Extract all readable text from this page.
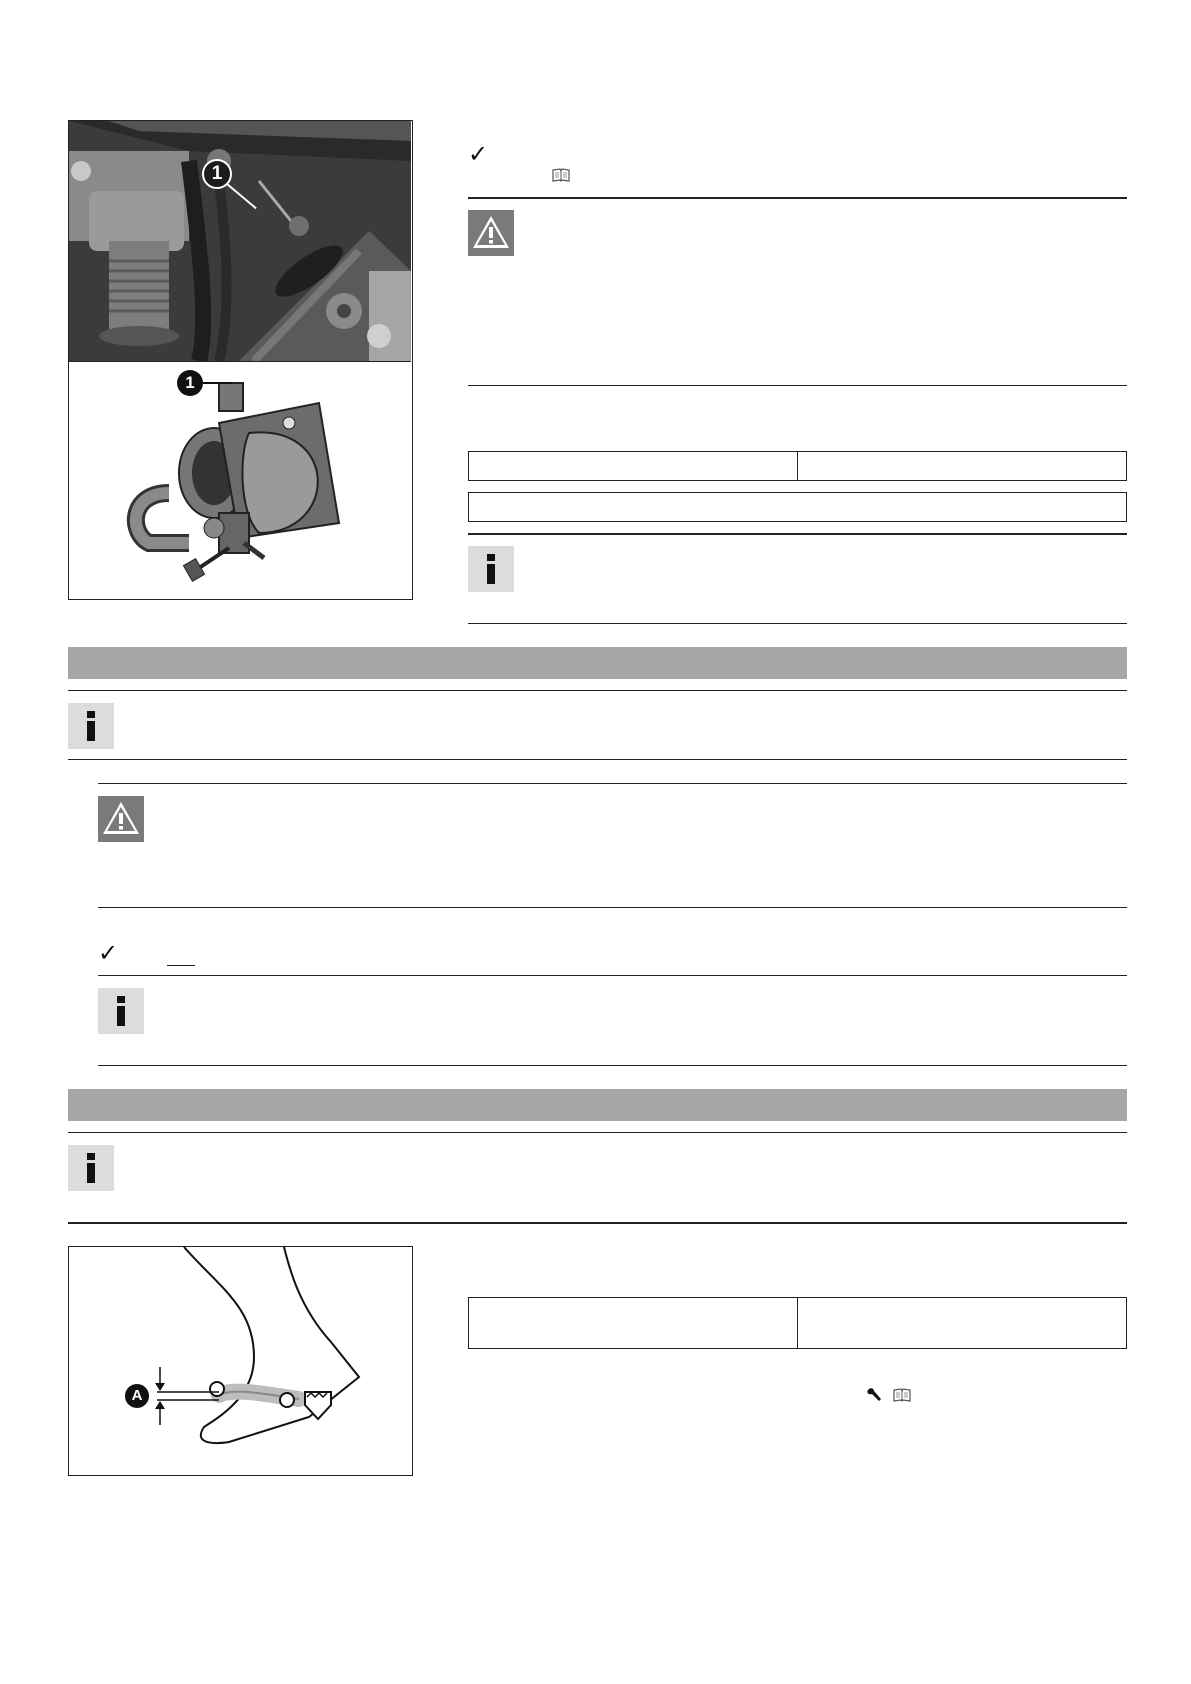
1
1
✓
✓
A
